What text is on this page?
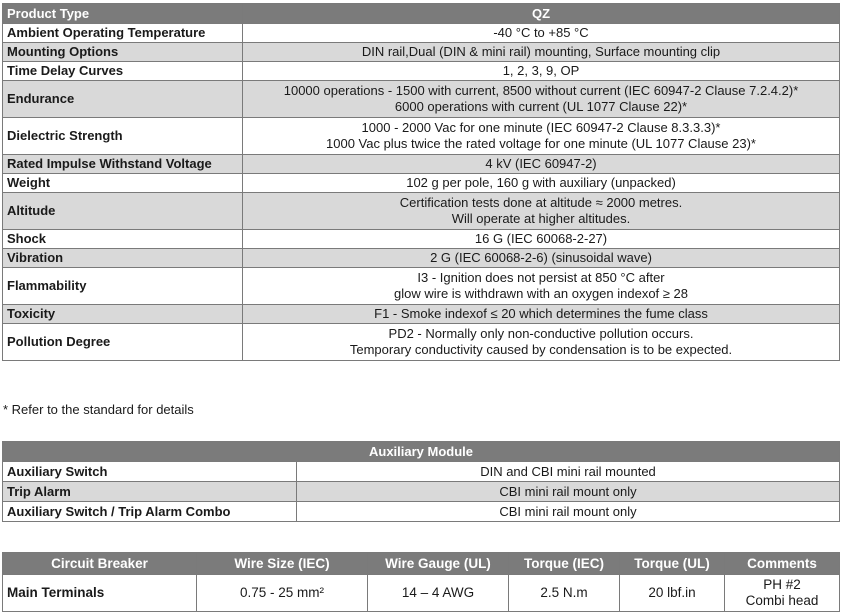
Product Type	QZ
Ambient Operating Temperature	-40 °C to +85 °C

Mounting Options	DIN rail,Dual (DIN & mini rail) mounting, Surface mounting clip

Time Delay Curves	1, 2, 3, 9, OP

Endurance	10000 operations - 1500 with current, 8500 without current (IEC 60947-2 Clause 7.2.4.2)*
6000 operations with current (UL 1077 Clause 22)*

Dielectric Strength	1000 - 2000 Vac for one minute (IEC 60947-2 Clause 8.3.3.3)*
1000 Vac plus twice the rated voltage for one minute (UL 1077 Clause 23)*

Rated Impulse Withstand Voltage	4 kV (IEC 60947-2)

Weight	102 g per pole, 160 g with auxiliary (unpacked)

Altitude	Certification tests done at altitude ≈ 2000 metres.
Will operate at higher altitudes.

Shock	16 G (IEC 60068-2-27)

Vibration	2 G (IEC 60068-2-6) (sinusoidal wave)

Flammability	I3 - Ignition does not persist at 850 °C after
glow wire is withdrawn with an oxygen indexof ≥ 28

Toxicity	F1 - Smoke indexof ≤ 20 which determines the fume class

Pollution Degree	PD2 - Normally only non-conductive pollution occurs.
Temporary conductivity caused by condensation is to be expected.
* Refer to the standard for details
Auxiliary Module	
Auxiliary Switch	DIN and CBI mini rail mounted
Trip Alarm	CBI mini rail mount only
Auxiliary Switch / Trip Alarm Combo	CBI mini rail mount only
Circuit Breaker	Wire Size (IEC)	Wire Gauge (UL)	Torque (IEC)	Torque (UL)	Comments
Main Terminals	0.75 - 25 mm²	14 – 4 AWG	2.5 N.m	20 lbf.in	PH #2
Combi head
